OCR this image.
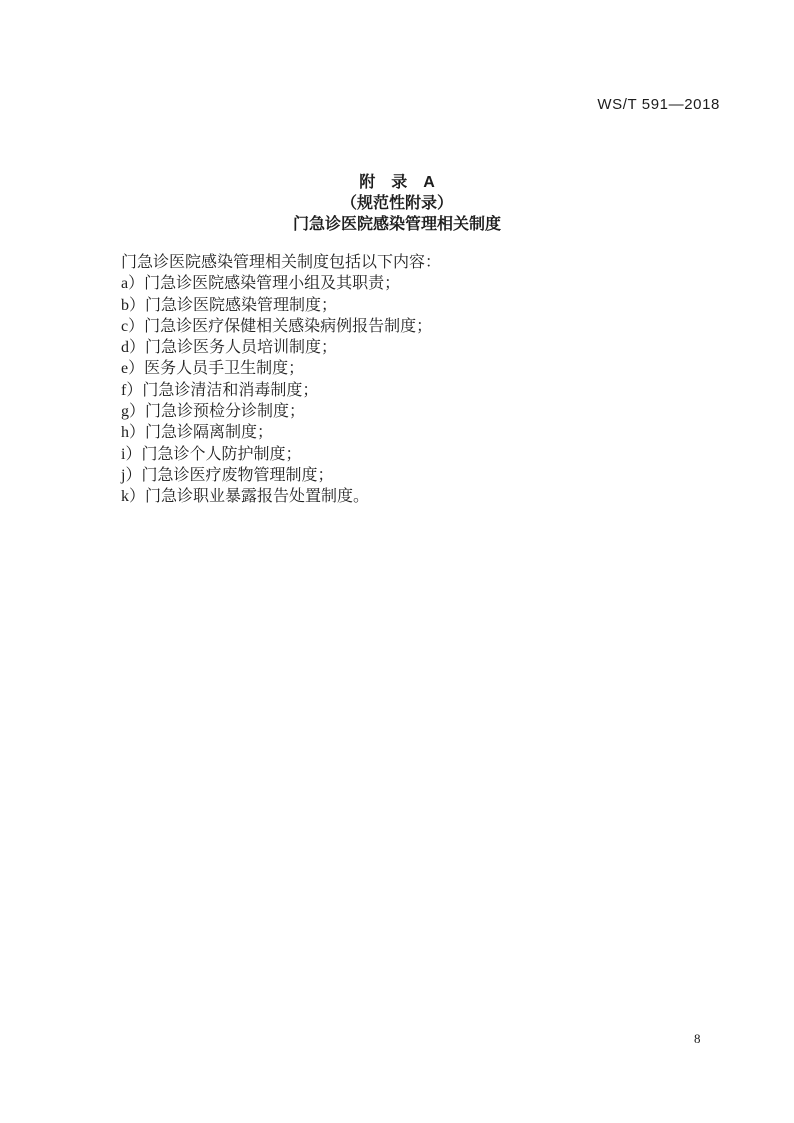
WS/T 591—2018
附　录　A
（规范性附录）
门急诊医院感染管理相关制度
门急诊医院感染管理相关制度包括以下内容：
a）门急诊医院感染管理小组及其职责；
b）门急诊医院感染管理制度；
c）门急诊医疗保健相关感染病例报告制度；
d）门急诊医务人员培训制度；
e）医务人员手卫生制度；
f）门急诊清洁和消毒制度；
g）门急诊预检分诊制度；
h）门急诊隔离制度；
i）门急诊个人防护制度；
j）门急诊医疗废物管理制度；
k）门急诊职业暴露报告处置制度。
8
